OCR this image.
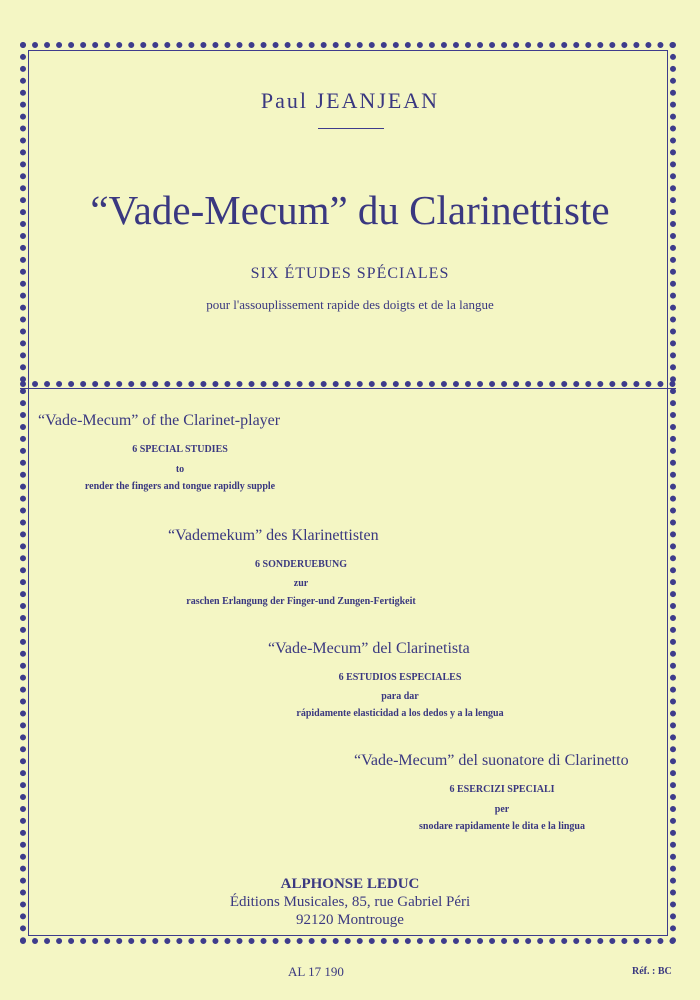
Paul JEANJEAN
“Vade-Mecum” du Clarinettiste
SIX ÉTUDES SPÉCIALES
pour l'assouplissement rapide des doigts et de la langue
“Vade-Mecum” of the Clarinet-player
6 SPECIAL STUDIES
to
render the fingers and tongue rapidly supple
“Vademekum” des Klarinettisten
6 SONDERUEBUNG
zur
raschen Erlangung der Finger-und Zungen-Fertigkeit
“Vade-Mecum” del Clarinetista
6 ESTUDIOS ESPECIALES
para dar
rápidamente elasticidad a los dedos y a la lengua
“Vade-Mecum” del suonatore di Clarinetto
6 ESERCIZI SPECIALI
per
snodare rapidamente le dita e la lingua
ALPHONSE LEDUC
Éditions Musicales, 85, rue Gabriel Péri
92120 Montrouge
AL 17 190	Réf. : BC
